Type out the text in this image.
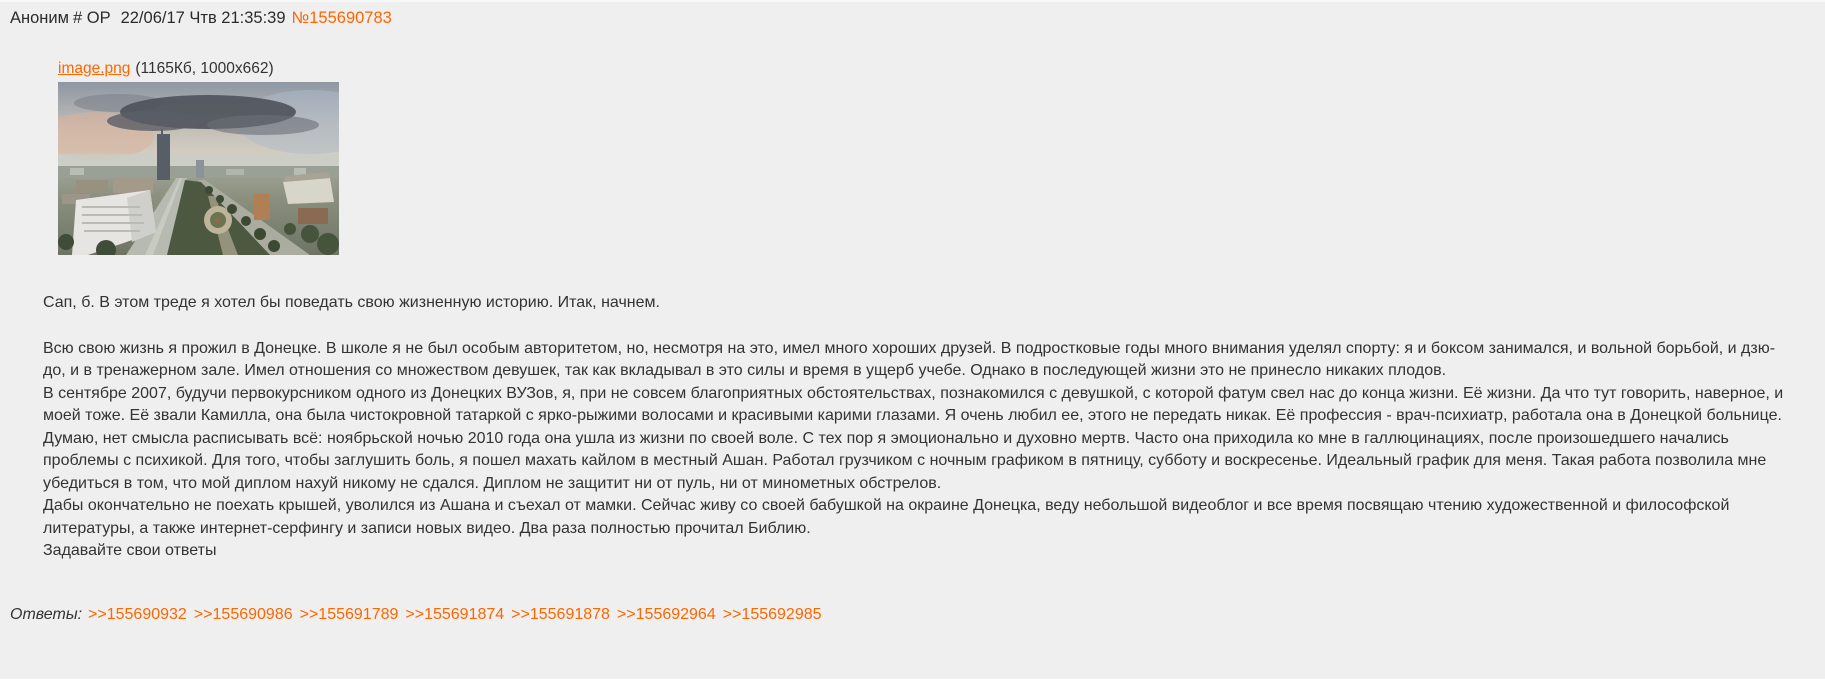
Аноним # OP 22/06/17 Чтв 21:35:39 №155690783
image.png (1165Кб, 1000x662)

Сап, б. В этом треде я хотел бы поведать свою жизненную историю. Итак, начнем.

Всю свою жизнь я прожил в Донецке. В школе я не был особым авторитетом, но, несмотря на это, имел много хороших друзей. В подростковые годы много внимания уделял спорту: я и боксом занимался, и вольной борьбой, и дзю-до, и в тренажерном зале. Имел отношения со множеством девушек, так как вкладывал в это силы и время в ущерб учебе. Однако в последующей жизни это не принесло никаких плодов.
В сентябре 2007, будучи первокурсником одного из Донецких ВУЗов, я, при не совсем благоприятных обстоятельствах, познакомился с девушкой, с которой фатум свел нас до конца жизни. Её жизни. Да что тут говорить, наверное, и моей тоже. Её звали Камилла, она была чистокровной татаркой с ярко-рыжими волосами и красивыми карими глазами. Я очень любил ее, этого не передать никак. Её профессия - врач-психиатр, работала она в Донецкой больнице. Думаю, нет смысла расписывать всё: ноябрьской ночью 2010 года она ушла из жизни по своей воле. С тех пор я эмоционально и духовно мертв. Часто она приходила ко мне в галлюцинациях, после произошедшего начались проблемы с психикой. Для того, чтобы заглушить боль, я пошел махать кайлом в местный Ашан. Работал грузчиком с ночным графиком в пятницу, субботу и воскресенье. Идеальный график для меня. Такая работа позволила мне убедиться в том, что мой диплом нахуй никому не сдался. Диплом не защитит ни от пуль, ни от минометных обстрелов.
Дабы окончательно не поехать крышей, уволился из Ашана и съехал от мамки. Сейчас живу со своей бабушкой на окраине Донецка, веду небольшой видеоблог и все время посвящаю чтению художественной и философской литературы, а также интернет-серфингу и записи новых видео. Два раза полностью прочитал Библию.
Задавайте свои ответы
Ответы: >>155690932 >>155690986 >>155691789 >>155691874 >>155691878 >>155692964 >>155692985
